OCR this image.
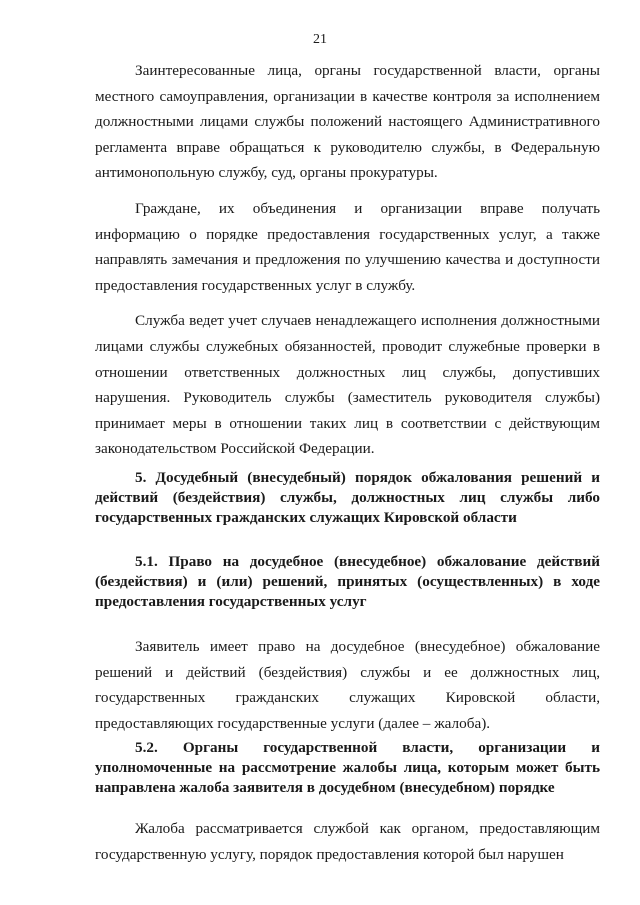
21

Заинтересованные лица, органы государственной власти, органы местного самоуправления, организации в качестве контроля за исполнением должностными лицами службы положений настоящего Административного регламента вправе обращаться к руководителю службы, в Федеральную антимонопольную службу, суд, органы прокуратуры.

Граждане, их объединения и организации вправе получать информацию о порядке предоставления государственных услуг, а также направлять замечания и предложения по улучшению качества и доступности предоставления государственных услуг в службу.

Служба ведет учет случаев ненадлежащего исполнения должностными лицами службы служебных обязанностей, проводит служебные проверки в отношении ответственных должностных лиц службы, допустивших нарушения. Руководитель службы (заместитель руководителя службы) принимает меры в отношении таких лиц в соответствии с действующим законодательством Российской Федерации.

5. Досудебный (внесудебный) порядок обжалования решений и действий (бездействия) службы, должностных лиц службы либо государственных гражданских служащих Кировской области
5.1. Право на досудебное (внесудебное) обжалование действий (бездействия) и (или) решений, принятых (осуществленных) в ходе предоставления государственных услуг

Заявитель имеет право на досудебное (внесудебное) обжалование решений и действий (бездействия) службы и ее должностных лиц, государственных гражданских служащих Кировской области, предоставляющих государственные услуги (далее – жалоба).

5.2. Органы государственной власти, организации и уполномоченные на рассмотрение жалобы лица, которым может быть направлена жалоба заявителя в досудебном (внесудебном) порядке

Жалоба рассматривается службой как органом, предоставляющим государственную услугу, порядок предоставления которой был нарушен
